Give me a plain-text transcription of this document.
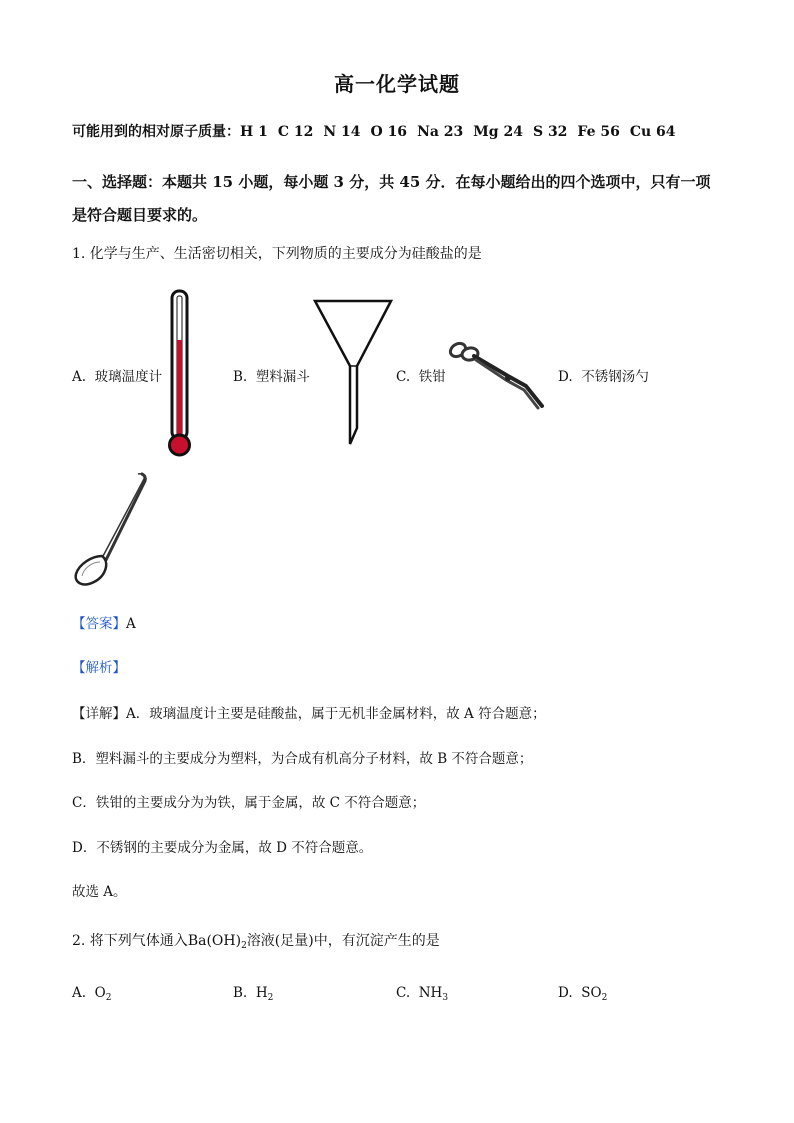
高一化学试题
可能用到的相对原子质量：H 1 C 12 N 14 O 16 Na 23 Mg 24 S 32 Fe 56 Cu 64
一、选择题：本题共 15 小题，每小题 3 分，共 45 分．在每小题给出的四个选项中，只有一项是符合题目要求的。
1. 化学与生产、生活密切相关，下列物质的主要成分为硅酸盐的是
A. 玻璃温度计	B. 塑料漏斗	C. 铁钳	D. 不锈钢汤勺
【答案】A
【解析】
【详解】A．玻璃温度计主要是硅酸盐，属于无机非金属材料，故 A 符合题意；
B．塑料漏斗的主要成分为塑料，为合成有机高分子材料，故 B 不符合题意；
C．铁钳的主要成分为为铁，属于金属，故 C 不符合题意；
D．不锈钢的主要成分为金属，故 D 不符合题意。
故选 A。
2. 将下列气体通入$Ba(OH)_2$溶液(足量)中，有沉淀产生的是
A. $O_2$	B. $H_2$	C. $NH_3$	D. $SO_2$
